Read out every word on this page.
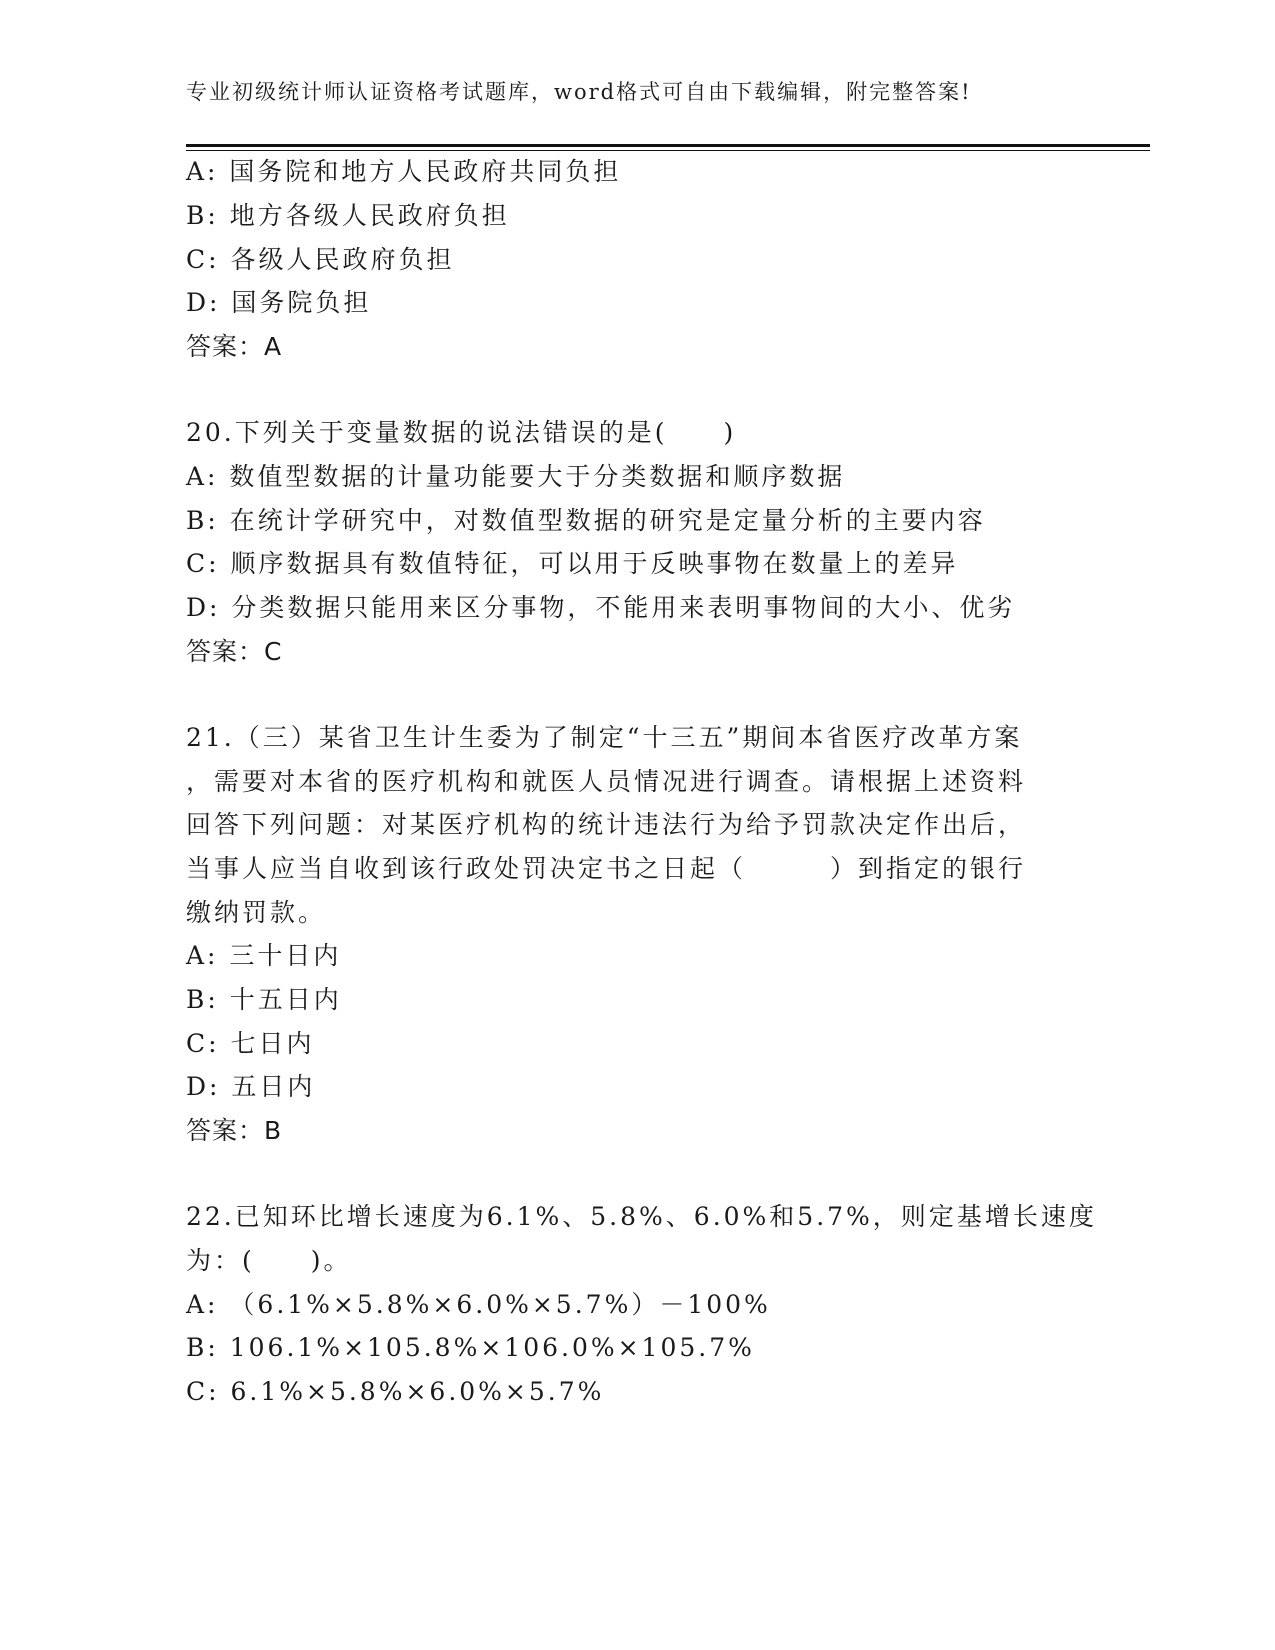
专业初级统计师认证资格考试题库，word格式可自由下载编辑，附完整答案!
A: 国务院和地方人民政府共同负担
B: 地方各级人民政府负担
C: 各级人民政府负担
D: 国务院负担
答案：A
20.下列关于变量数据的说法错误的是(　　)
A: 数值型数据的计量功能要大于分类数据和顺序数据
B: 在统计学研究中，对数值型数据的研究是定量分析的主要内容
C: 顺序数据具有数值特征，可以用于反映事物在数量上的差异
D: 分类数据只能用来区分事物，不能用来表明事物间的大小、优劣
答案：C
21.（三）某省卫生计生委为了制定“十三五”期间本省医疗改革方案
，需要对本省的医疗机构和就医人员情况进行调查。请根据上述资料
回答下列问题：对某医疗机构的统计违法行为给予罚款决定作出后，
当事人应当自收到该行政处罚决定书之日起（　　　）到指定的银行
缴纳罚款。
A: 三十日内
B: 十五日内
C: 七日内
D: 五日内
答案：B
22.已知环比增长速度为6.1%、5.8%、6.0%和5.7%，则定基增长速度
为：(　　)。
A: （6.1%×5.8%×6.0%×5.7%）－100%
B: 106.1%×105.8%×106.0%×105.7%
C: 6.1%×5.8%×6.0%×5.7%
